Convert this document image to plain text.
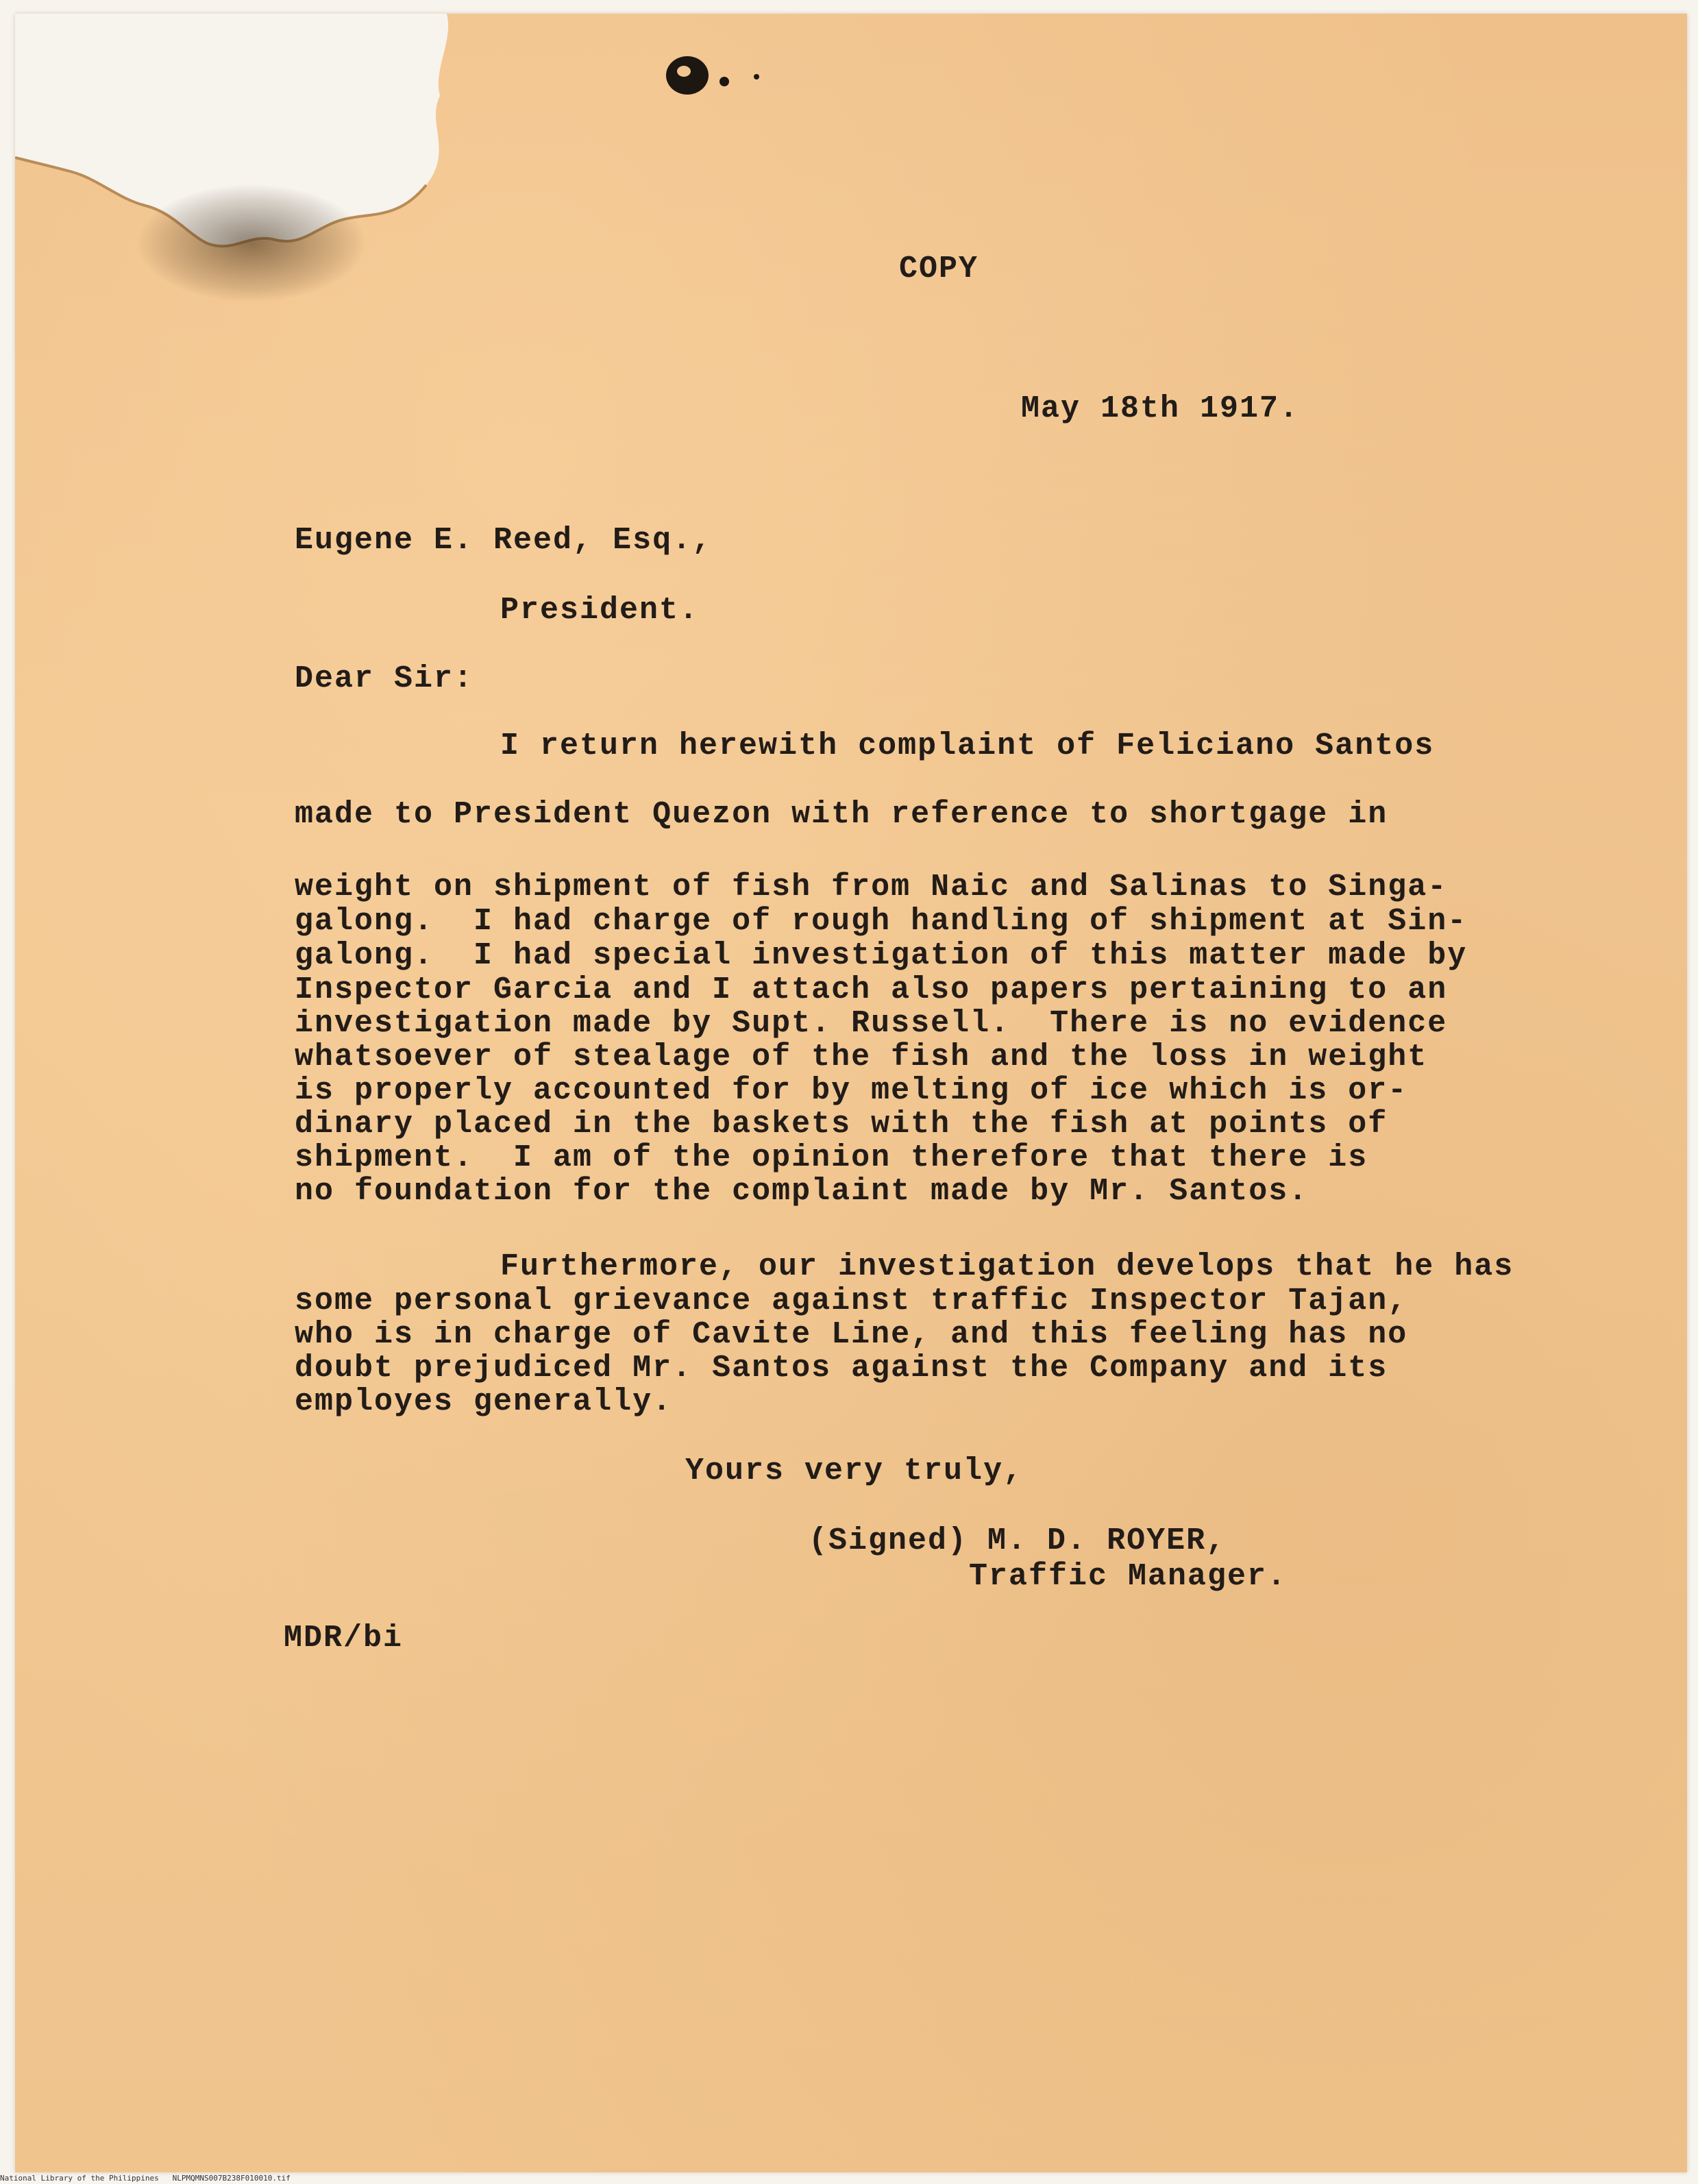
COPY
May 18th 1917.
Eugene E. Reed, Esq.,
President.
Dear Sir:
I return herewith complaint of Feliciano Santos
made to President Quezon with reference to shortgage in
weight on shipment of fish from Naic and Salinas to Singa-
galong.  I had charge of rough handling of shipment at Sin-
galong.  I had special investigation of this matter made by
Inspector Garcia and I attach also papers pertaining to an
investigation made by Supt. Russell.  There is no evidence
whatsoever of stealage of the fish and the loss in weight
is properly accounted for by melting of ice which is or-
dinary placed in the baskets with the fish at points of
shipment.  I am of the opinion therefore that there is
no foundation for the complaint made by Mr. Santos.
Furthermore, our investigation develops that he has
some personal grievance against traffic Inspector Tajan,
who is in charge of Cavite Line, and this feeling has no
doubt prejudiced Mr. Santos against the Company and its
employes generally.
Yours very truly,
(Signed) M. D. ROYER,
Traffic Manager.
MDR/bi
National Library of the Philippines NLPMQMNS007B238F010010.tif
